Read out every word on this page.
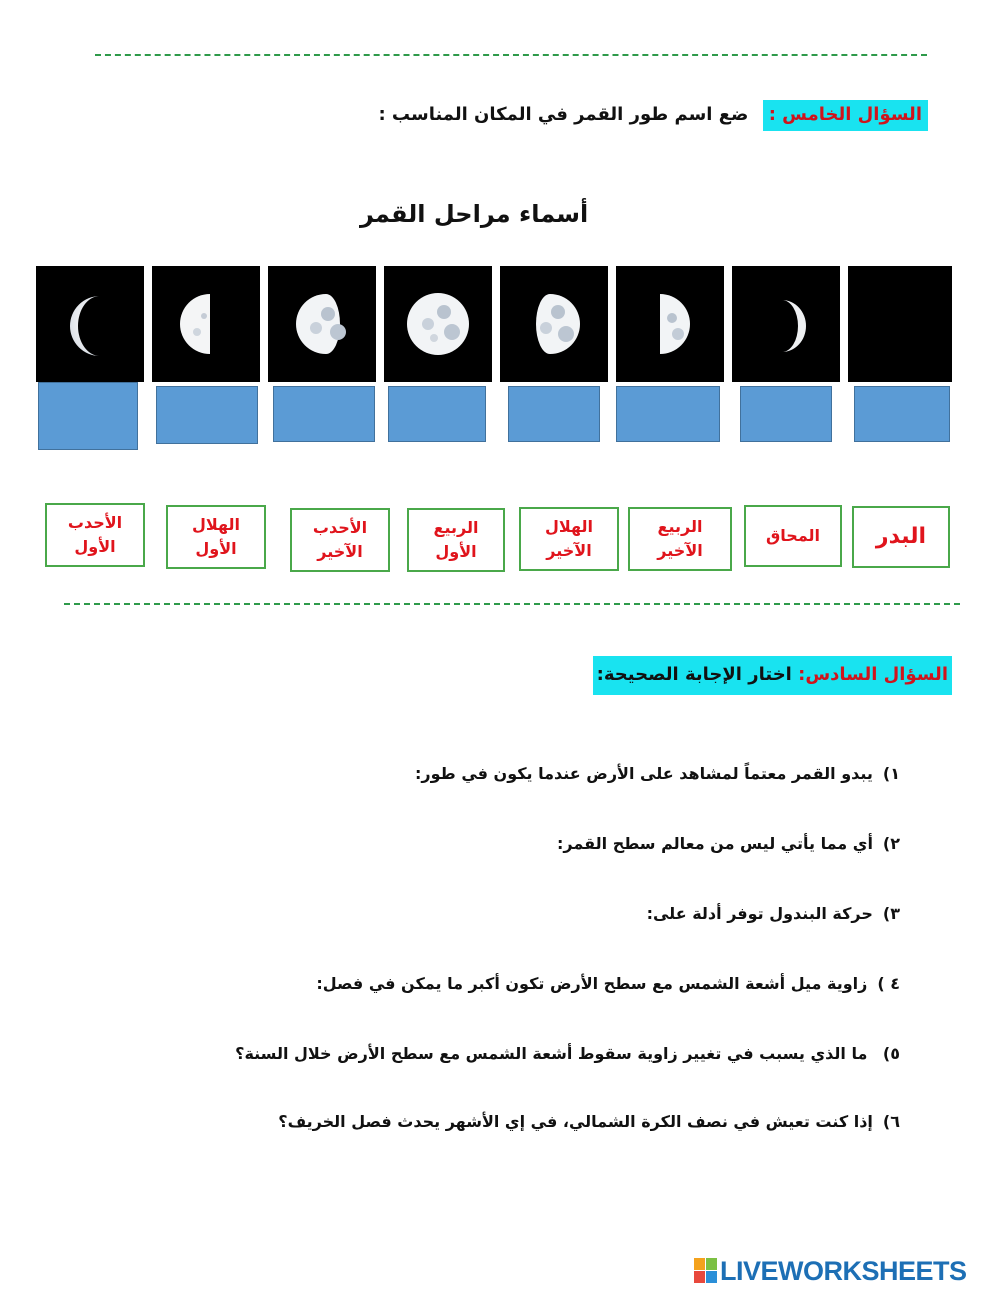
السؤال الخامس : ضع اسم طور القمر في المكان المناسب :
أسماء مراحل القمر
الأحدب
الأول
الهلال
الأول
الأحدب
الآخير
الربيع
الأول
الهلال
الآخير
الربيع
الآخير
المحاق	البدر
السؤال السادس: اختار الإجابة الصحيحة:
١)يبدو القمر معتماً لمشاهد على الأرض عندما يكون في طور:
٢)أي مما يأتي ليس من معالم سطح القمر:
٣)حركة البندول توفر أدلة على:
٤ )زاوية ميل أشعة الشمس مع سطح الأرض تكون أكبر ما يمكن في فصل:
٥) ما الذي يسبب في تغيير زاوية سقوط أشعة الشمس مع سطح الأرض خلال السنة؟
٦)إذا كنت تعيش في نصف الكرة الشمالي، في إي الأشهر يحدث فصل الخريف؟
LIVEWORKSHEETS
